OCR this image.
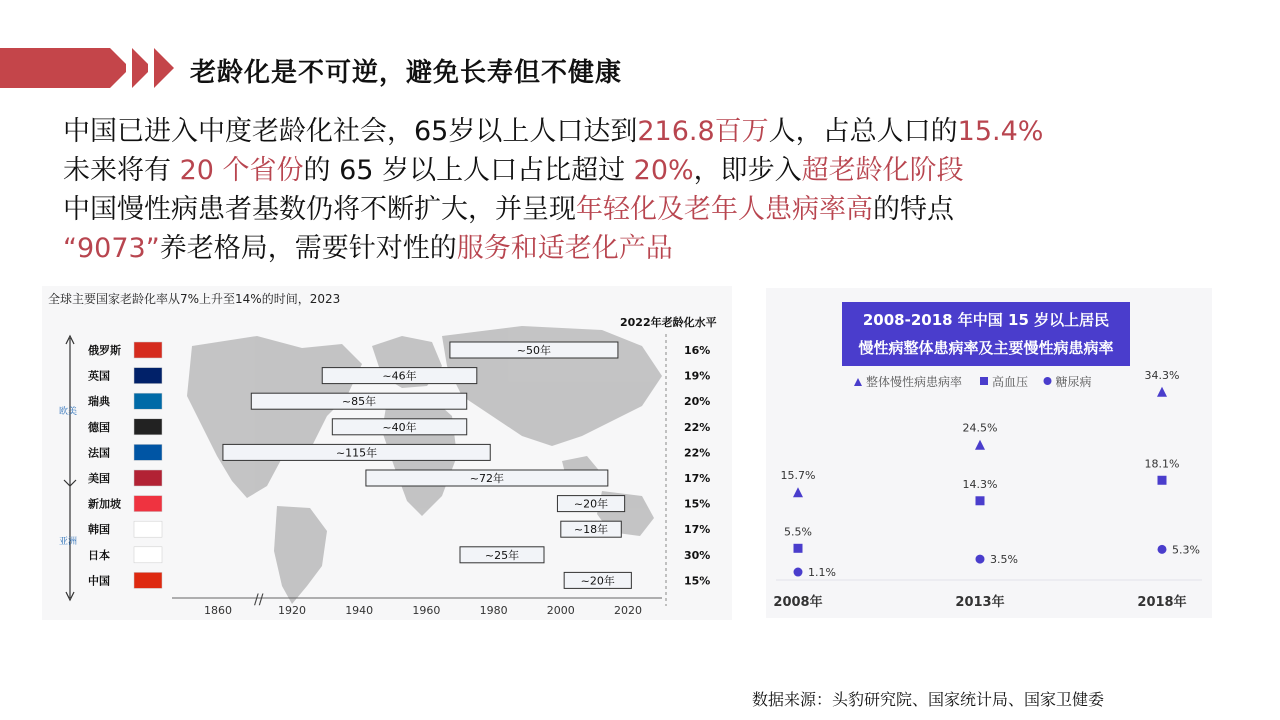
老龄化是不可逆，避免长寿但不健康
中国已进入中度老龄化社会，65岁以上人口达到216.8百万人，占总人口的15.4%
未来将有 20 个省份的 65 岁以上人口占比超过 20%，即步入超老龄化阶段
中国慢性病患者基数仍将不断扩大，并呈现年轻化及老年人患病率高的特点
“9073”养老格局，需要针对性的服务和适老化产品
2022年老龄化水平
欧美
亚洲
俄罗斯	~50年	16%
英国	~46年	19%
瑞典	~85年	20%
德国	~40年	22%
法国	~115年	22%
美国	~72年	17%
新加坡	~20年	15%
韩国	~18年	17%
日本	~25年	30%
中国	~20年	15%
//
1860	1920	1940	1960	1980	2000	2020
全球主要国家老龄化率从7%上升至14%的时间，2023
2008-2018 年中国 15 岁以上居民
慢性病整体患病率及主要慢性病患病率
整体慢性病患病率 高血压 糖尿病
15.7%
24.5%
34.3%
5.5%
14.3%
18.1%
1.1%
3.5%
5.3%
2008年	2013年	2018年
数据来源：头豹研究院、国家统计局、国家卫健委
